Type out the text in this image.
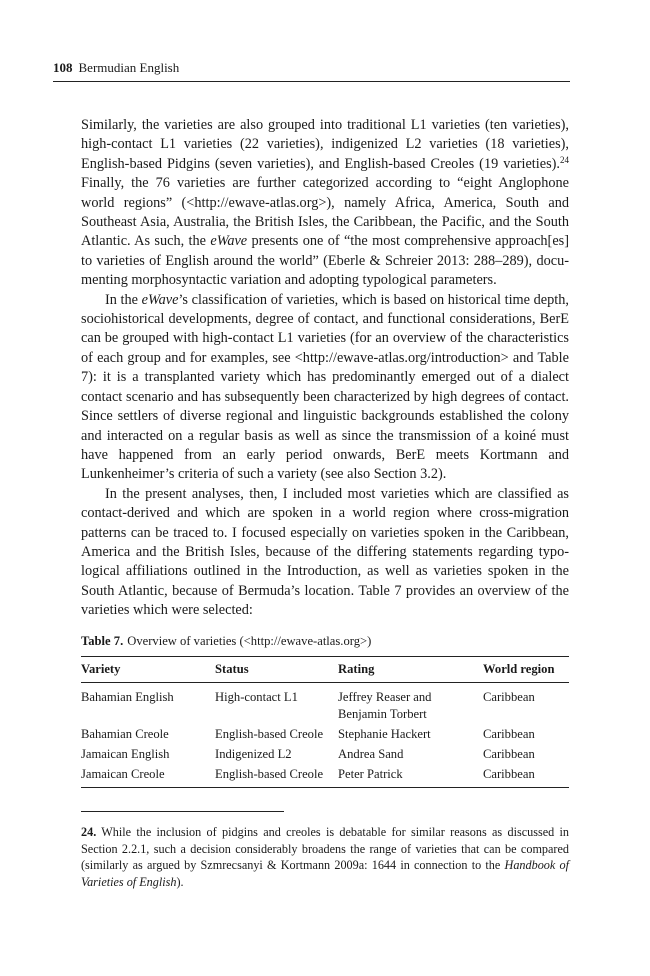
108 Bermudian English

Similarly, the varieties are also grouped into traditional L1 varieties (ten varieties), high-contact L1 varieties (22 varieties), indigenized L2 varieties (18 varieties), English-based Pidgins (seven varieties), and English-based Creoles (19 varieties).$^{24}$ Finally, the 76 varieties are further categorized according to “eight Anglophone world regions” (<http://ewave-atlas.org>), namely Africa, America, South and Southeast Asia, Australia, the British Isles, the Caribbean, the Pacific, and the South Atlantic. As such, the eWave presents one of “the most comprehensive approach[es] to varieties of English around the world” (Eberle & Schreier 2013: 288–289), documenting morphosyntactic variation and adopting typological parameters.

In the eWave’s classification of varieties, which is based on historical time depth, sociohistorical developments, degree of contact, and functional considerations, BerE can be grouped with high-contact L1 varieties (for an overview of the characteristics of each group and for examples, see <http://ewave-atlas.org/introduction> and Table 7): it is a transplanted variety which has predominantly emerged out of a dialect contact scenario and has subsequently been characterized by high degrees of contact. Since settlers of diverse regional and linguistic backgrounds established the colony and interacted on a regular basis as well as since the transmission of a koiné must have happened from an early period onwards, BerE meets Kortmann and Lunkenheimer’s criteria of such a variety (see also Section 3.2).

In the present analyses, then, I included most varieties which are classified as contact-derived and which are spoken in a world region where cross-migration patterns can be traced to. I focused especially on varieties spoken in the Caribbean, America and the British Isles, because of the differing statements regarding typological affiliations outlined in the Introduction, as well as varieties spoken in the South Atlantic, because of Bermuda’s location. Table 7 provides an overview of the varieties which were selected:

Table 7. Overview of varieties (<http://ewave-atlas.org>)
Variety	Status	Rating	World region
Bahamian English	High-contact L1	Jeffrey Reaser and Benjamin Torbert	Caribbean
Bahamian Creole	English-based Creole	Stephanie Hackert	Caribbean
Jamaican English	Indigenized L2	Andrea Sand	Caribbean
Jamaican Creole	English-based Creole	Peter Patrick	Caribbean

24. While the inclusion of pidgins and creoles is debatable for similar reasons as discussed in Section 2.2.1, such a decision considerably broadens the range of varieties that can be compared (similarly as argued by Szmrecsanyi & Kortmann 2009a: 1644 in connection to the Handbook of Varieties of English).
